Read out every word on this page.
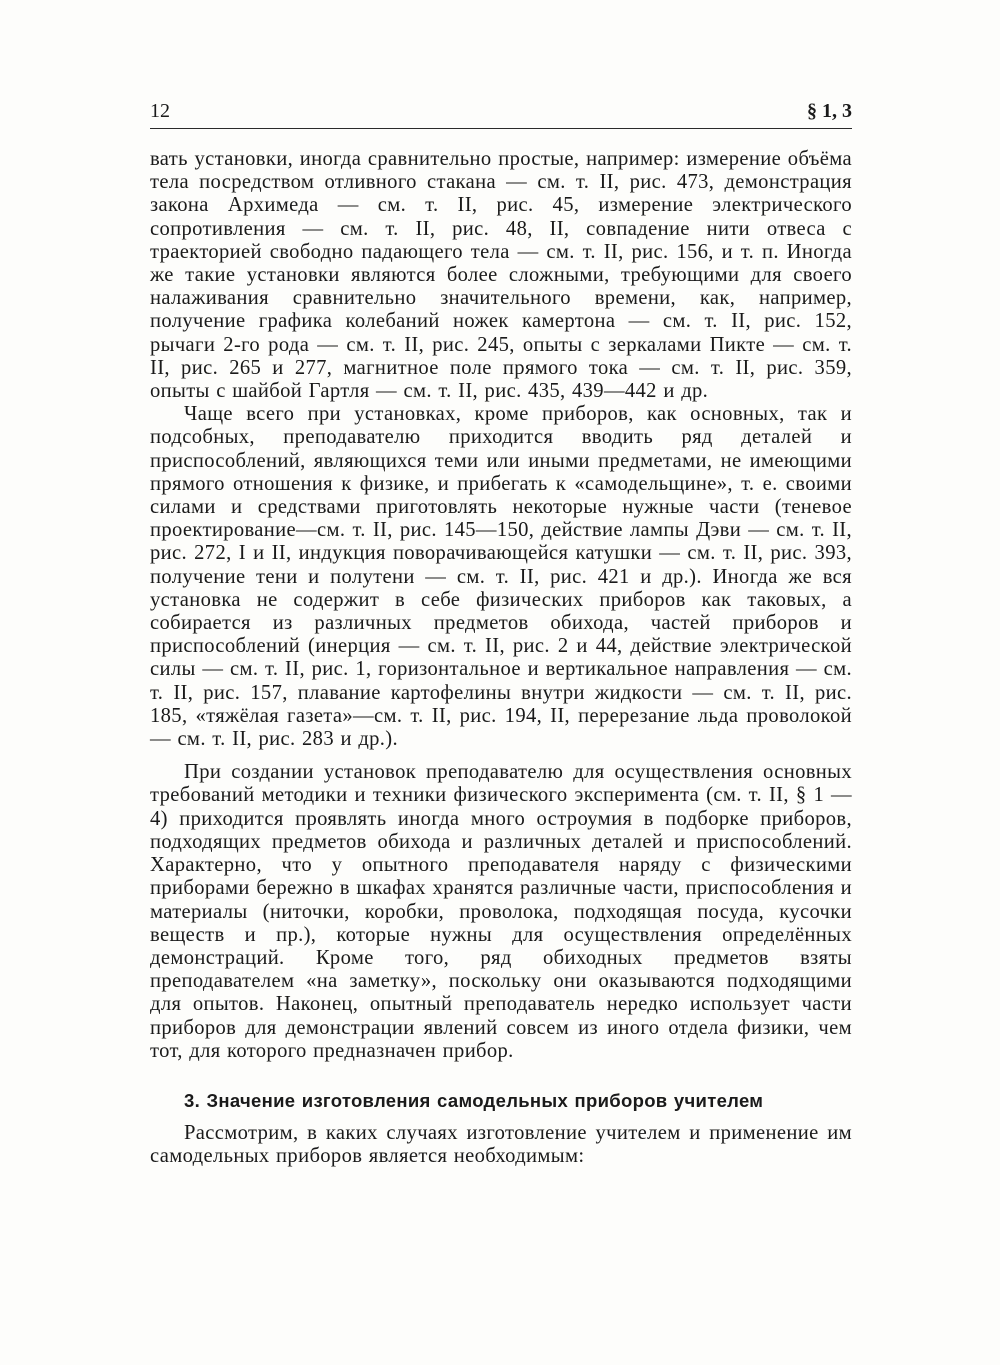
12	§ 1, 3

вать установки, иногда сравнительно простые, например: измерение объёма тела посредством отливного стакана — см. т. II, рис. 473, демонстрация закона Архимеда — см. т. II, рис. 45, измерение электрического сопротивления — см. т. II, рис. 48, II, совпадение нити отвеса с траекторией свободно падающего тела — см. т. II, рис. 156, и т. п. Иногда же такие установки являются более сложными, требующими для своего налаживания сравнительно значительного времени, как, например, получение графика колебаний ножек камертона — см. т. II, рис. 152, рычаги 2-го рода — см. т. II, рис. 245, опыты с зеркалами Пикте — см. т. II, рис. 265 и 277, магнитное поле прямого тока — см. т. II, рис. 359, опыты с шайбой Гартля — см. т. II, рис. 435, 439—442 и др.

Чаще всего при установках, кроме приборов, как основных, так и подсобных, преподавателю приходится вводить ряд деталей и приспособлений, являющихся теми или иными предметами, не имеющими прямого отношения к физике, и прибегать к «самодельщине», т. е. своими силами и средствами приготовлять некоторые нужные части (теневое проектирование—см. т. II, рис. 145—150, действие лампы Дэви — см. т. II, рис. 272, I и II, индукция поворачивающейся катушки — см. т. II, рис. 393, получение тени и полутени — см. т. II, рис. 421 и др.). Иногда же вся установка не содержит в себе физических приборов как таковых, а собирается из различных предметов обихода, частей приборов и приспособлений (инерция — см. т. II, рис. 2 и 44, действие электрической силы — см. т. II, рис. 1, горизонтальное и вертикальное направления — см. т. II, рис. 157, плавание картофелины внутри жидкости — см. т. II, рис. 185, «тяжёлая газета»—см. т. II, рис. 194, II, перерезание льда проволокой — см. т. II, рис. 283 и др.).

При создании установок преподавателю для осуществления основных требований методики и техники физического эксперимента (см. т. II, § 1 —4) приходится проявлять иногда много остроумия в подборке приборов, подходящих предметов обихода и различных деталей и приспособлений. Характерно, что у опытного преподавателя наряду с физическими приборами бережно в шкафах хранятся различные части, приспособления и материалы (ниточки, коробки, проволока, подходящая посуда, кусочки веществ и пр.), которые нужны для осуществления определённых демонстраций. Кроме того, ряд обиходных предметов взяты преподавателем «на заметку», поскольку они оказываются подходящими для опытов. Наконец, опытный преподаватель нередко использует части приборов для демонстрации явлений совсем из иного отдела физики, чем тот, для которого предназначен прибор.

3. Значение изготовления самодельных приборов учителем

Рассмотрим, в каких случаях изготовление учителем и применение им самодельных приборов является необходимым:
